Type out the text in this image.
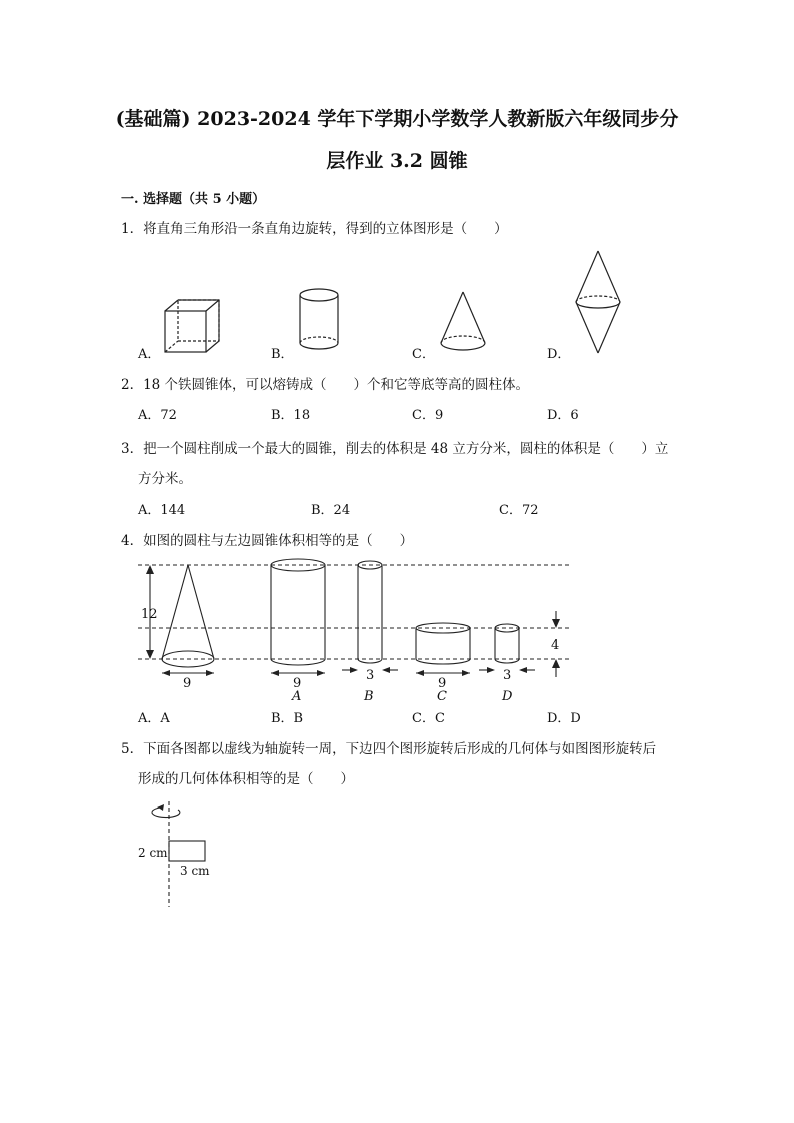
(基础篇) 2023-2024 学年下学期小学数学人教新版六年级同步分
层作业 3.2 圆锥
一. 选择题（共 5 小题）
1．将直角三角形沿一条直角边旋转，得到的立体图形是（　　）
A．	B．	C．	D．
2．18 个铁圆锥体，可以熔铸成（　　）个和它等底等高的圆柱体。
A．72	B．18	C．9	D．6
3．把一个圆柱削成一个最大的圆锥，削去的体积是 48 立方分米，圆柱的体积是（　　）立
方分米。
A．144	B．24	C．72
4．如图的圆柱与左边圆锥体积相等的是（　　）
12
9	9
A
3
B
9
C
3
D
4
A．A	B．B	C．C	D．D
5．下面各图都以虚线为轴旋转一周，下边四个图形旋转后形成的几何体与如图图形旋转后
形成的几何体体积相等的是（　　）
2 cm
3 cm
